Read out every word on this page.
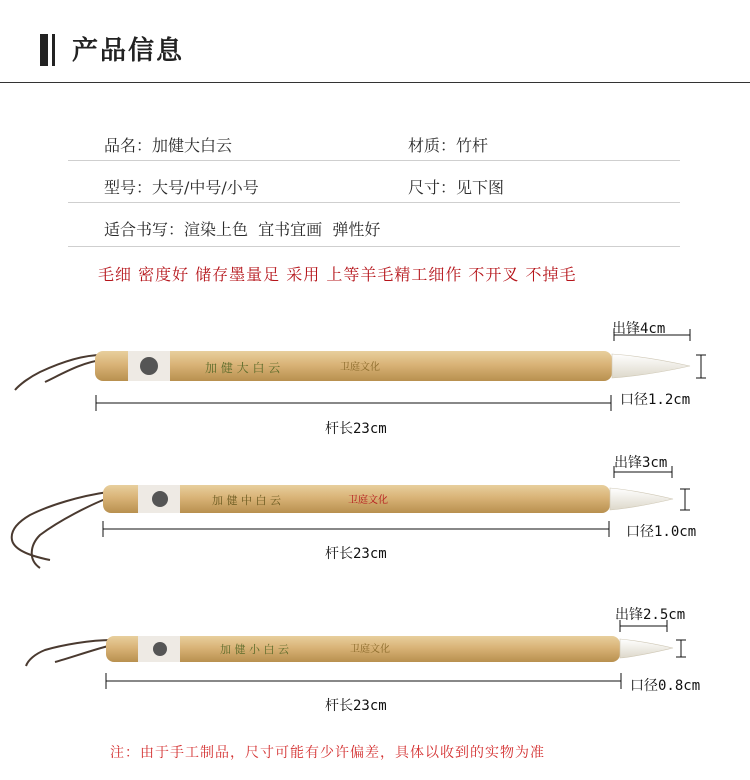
产品信息
品名：加健大白云	材质：竹杆
型号：大号/中号/小号	尺寸：见下图
适合书写：渲染上色  宜书宜画  弹性好
毛细 密度好 储存墨量足 采用 上等羊毛精工细作 不开叉 不掉毛
加 健 大 白 云	卫庭文化
加 健 中 白 云	卫庭文化
加 健 小 白 云	卫庭文化
出锋4cm
口径1.2cm
杆长23cm
出锋3cm
口径1.0cm
杆长23cm
出锋2.5cm
口径0.8cm
杆长23cm
注：由于手工制品，尺寸可能有少许偏差，具体以收到的实物为准
